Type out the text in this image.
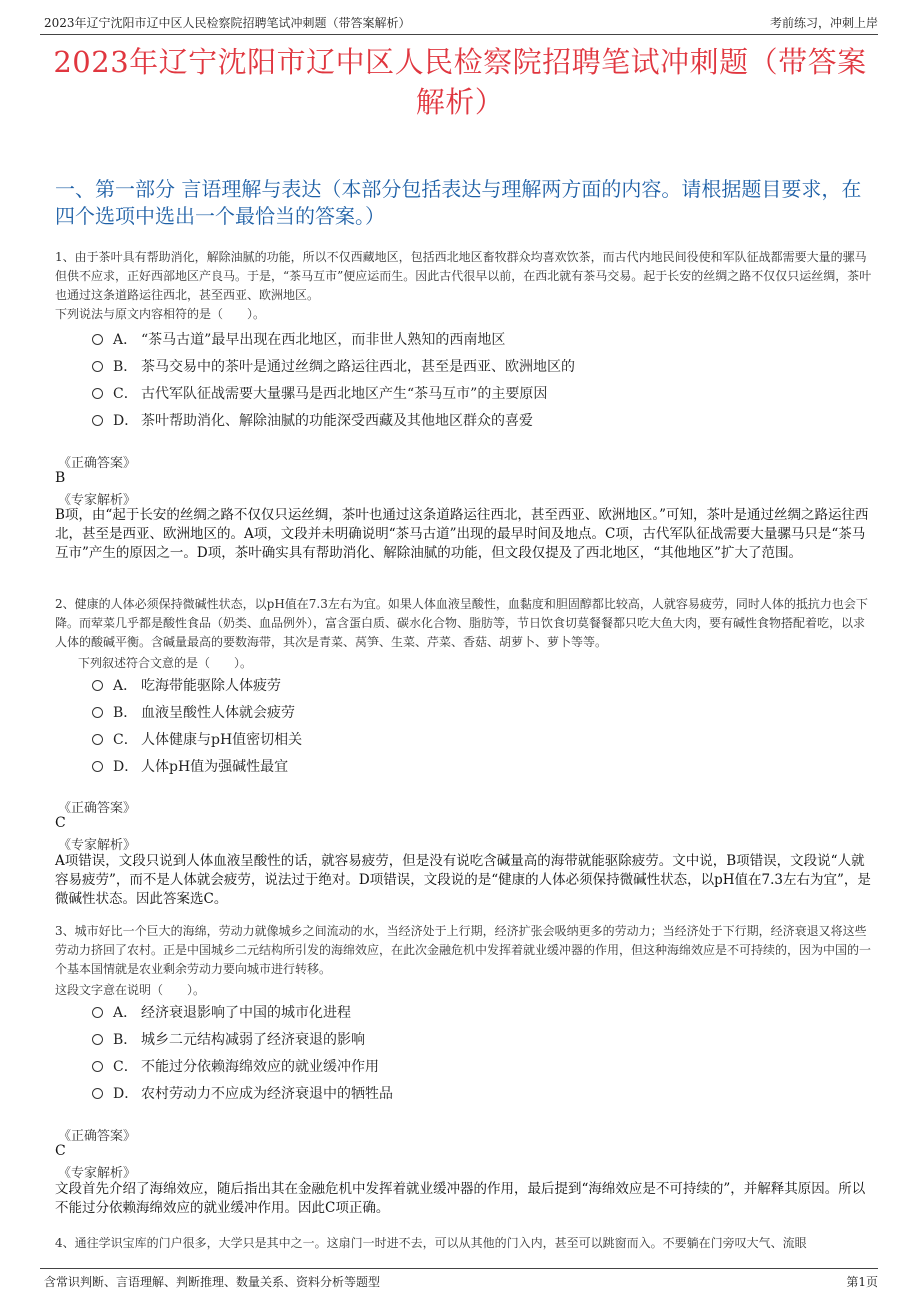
2023年辽宁沈阳市辽中区人民检察院招聘笔试冲刺题（带答案解析）	考前练习，冲刺上岸
2023年辽宁沈阳市辽中区人民检察院招聘笔试冲刺题（带答案解析）
一、第一部分 言语理解与表达（本部分包括表达与理解两方面的内容。请根据题目要求，在四个选项中选出一个最恰当的答案。）
1、由于茶叶具有帮助消化，解除油腻的功能，所以不仅西藏地区，包括西北地区畜牧群众均喜欢饮茶，而古代内地民间役使和军队征战都需要大量的骡马但供不应求，正好西部地区产良马。于是，“茶马互市”便应运而生。因此古代很早以前，在西北就有茶马交易。起于长安的丝绸之路不仅仅只运丝绸，茶叶也通过这条道路运往西北，甚至西亚、欧洲地区。
下列说法与原文内容相符的是（　　）。
A． “茶马古道”最早出现在西北地区，而非世人熟知的西南地区
B． 茶马交易中的茶叶是通过丝绸之路运往西北，甚至是西亚、欧洲地区的
C． 古代军队征战需要大量骡马是西北地区产生“茶马互市”的主要原因
D． 茶叶帮助消化、解除油腻的功能深受西藏及其他地区群众的喜爱
《正确答案》
B
《专家解析》
B项，由“起于长安的丝绸之路不仅仅只运丝绸，茶叶也通过这条道路运往西北，甚至西亚、欧洲地区。”可知，茶叶是通过丝绸之路运往西北，甚至是西亚、欧洲地区的。A项，文段并未明确说明“茶马古道”出现的最早时间及地点。C项，古代军队征战需要大量骡马只是“茶马互市”产生的原因之一。D项，茶叶确实具有帮助消化、解除油腻的功能，但文段仅提及了西北地区，“其他地区”扩大了范围。
2、健康的人体必须保持微碱性状态，以pH值在7.3左右为宜。如果人体血液呈酸性，血黏度和胆固醇都比较高，人就容易疲劳，同时人体的抵抗力也会下降。而荤菜几乎都是酸性食品（奶类、血品例外），富含蛋白质、碳水化合物、脂肪等，节日饮食切莫餐餐都只吃大鱼大肉，要有碱性食物搭配着吃，以求人体的酸碱平衡。含碱量最高的要数海带，其次是青菜、莴笋、生菜、芹菜、香菇、胡萝卜、萝卜等等。
下列叙述符合文意的是（　　）。
A． 吃海带能驱除人体疲劳
B． 血液呈酸性人体就会疲劳
C． 人体健康与pH值密切相关
D． 人体pH值为强碱性最宜
《正确答案》
C
《专家解析》
A项错误，文段只说到人体血液呈酸性的话，就容易疲劳，但是没有说吃含碱量高的海带就能驱除疲劳。文中说，B项错误，文段说“人就容易疲劳”，而不是人体就会疲劳，说法过于绝对。D项错误，文段说的是“健康的人体必须保持微碱性状态，以pH值在7.3左右为宜”，是微碱性状态。因此答案选C。
3、城市好比一个巨大的海绵，劳动力就像城乡之间流动的水，当经济处于上行期，经济扩张会吸纳更多的劳动力；当经济处于下行期，经济衰退又将这些劳动力挤回了农村。正是中国城乡二元结构所引发的海绵效应，在此次金融危机中发挥着就业缓冲器的作用，但这种海绵效应是不可持续的，因为中国的一个基本国情就是农业剩余劳动力要向城市进行转移。
这段文字意在说明（　　）。
A． 经济衰退影响了中国的城市化进程
B． 城乡二元结构减弱了经济衰退的影响
C． 不能过分依赖海绵效应的就业缓冲作用
D． 农村劳动力不应成为经济衰退中的牺牲品
《正确答案》
C
《专家解析》
文段首先介绍了海绵效应，随后指出其在金融危机中发挥着就业缓冲器的作用，最后提到“海绵效应是不可持续的”，并解释其原因。所以不能过分依赖海绵效应的就业缓冲作用。因此C项正确。
4、通往学识宝库的门户很多，大学只是其中之一。这扇门一时进不去，可以从其他的门入内，甚至可以跳窗而入。不要躺在门旁叹大气、流眼
含常识判断、言语理解、判断推理、数量关系、资料分析等题型	第1页
